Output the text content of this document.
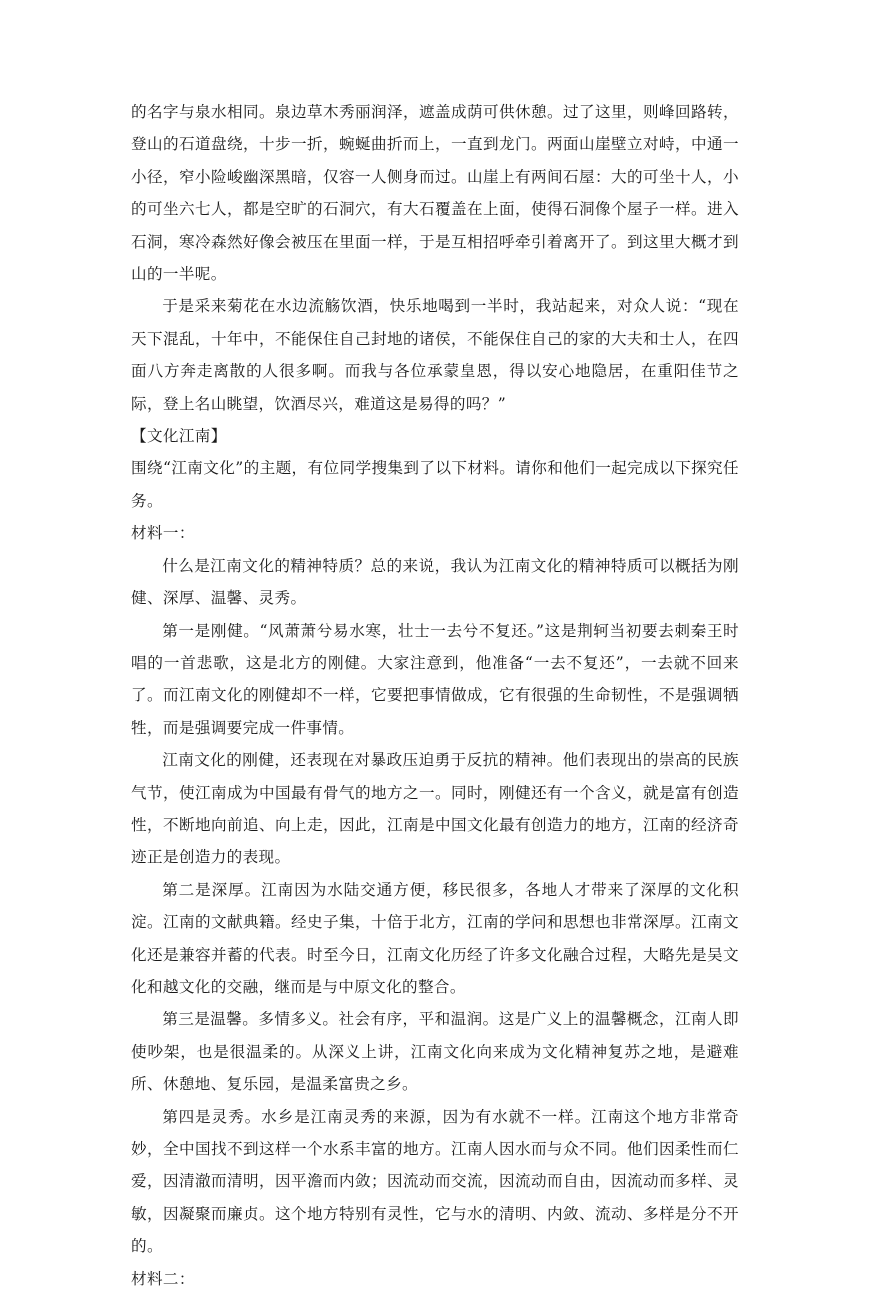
的名字与泉水相同。泉边草木秀丽润泽，遮盖成荫可供休憩。过了这里，则峰回路转，登山的石道盘绕，十步一折，蜿蜒曲折而上，一直到龙门。两面山崖壁立对峙，中通一小径，窄小险峻幽深黑暗，仅容一人侧身而过。山崖上有两间石屋：大的可坐十人，小的可坐六七人，都是空旷的石洞穴，有大石覆盖在上面，使得石洞像个屋子一样。进入石洞，寒冷森然好像会被压在里面一样，于是互相招呼牵引着离开了。到这里大概才到山的一半呢。

于是采来菊花在水边流觞饮酒，快乐地喝到一半时，我站起来，对众人说：“现在天下混乱，十年中，不能保住自己封地的诸侯，不能保住自己的家的大夫和士人，在四面八方奔走离散的人很多啊。而我与各位承蒙皇恩，得以安心地隐居，在重阳佳节之际，登上名山眺望，饮酒尽兴，难道这是易得的吗？”

【文化江南】

围绕“江南文化”的主题，有位同学搜集到了以下材料。请你和他们一起完成以下探究任务。

材料一：

什么是江南文化的精神特质？总的来说，我认为江南文化的精神特质可以概括为刚健、深厚、温馨、灵秀。

第一是刚健。“风萧萧兮易水寒，壮士一去兮不复还。”这是荆轲当初要去刺秦王时唱的一首悲歌，这是北方的刚健。大家注意到，他准备“一去不复还”，一去就不回来了。而江南文化的刚健却不一样，它要把事情做成，它有很强的生命韧性，不是强调牺牲，而是强调要完成一件事情。

江南文化的刚健，还表现在对暴政压迫勇于反抗的精神。他们表现出的崇高的民族气节，使江南成为中国最有骨气的地方之一。同时，刚健还有一个含义，就是富有创造性，不断地向前追、向上走，因此，江南是中国文化最有创造力的地方，江南的经济奇迹正是创造力的表现。

第二是深厚。江南因为水陆交通方便，移民很多，各地人才带来了深厚的文化积淀。江南的文献典籍。经史子集，十倍于北方，江南的学问和思想也非常深厚。江南文化还是兼容并蓄的代表。时至今日，江南文化历经了许多文化融合过程，大略先是吴文化和越文化的交融，继而是与中原文化的整合。

第三是温馨。多情多义。社会有序，平和温润。这是广义上的温馨概念，江南人即使吵架，也是很温柔的。从深义上讲，江南文化向来成为文化精神复苏之地，是避难所、休憩地、复乐园，是温柔富贵之乡。

第四是灵秀。水乡是江南灵秀的来源，因为有水就不一样。江南这个地方非常奇妙，全中国找不到这样一个水系丰富的地方。江南人因水而与众不同。他们因柔性而仁爱，因清澈而清明，因平澹而内敛；因流动而交流，因流动而自由，因流动而多样、灵敏，因凝聚而廉贞。这个地方特别有灵性，它与水的清明、内敛、流动、多样是分不开的。

材料二：
